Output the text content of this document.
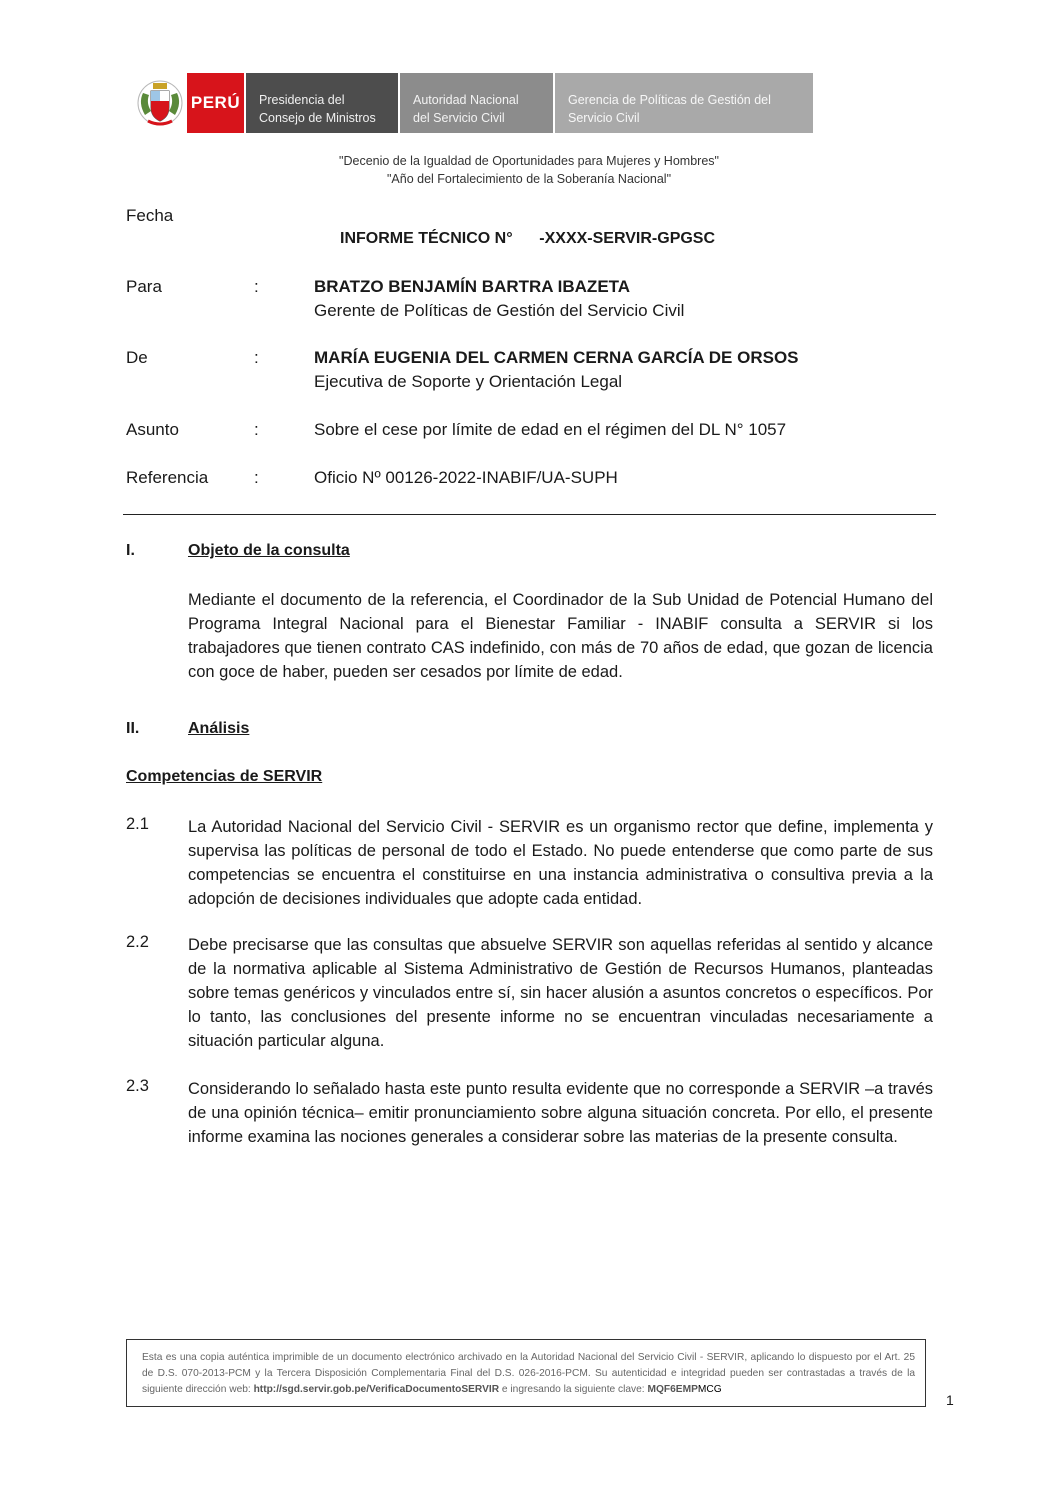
PERÚ	Presidencia del
Consejo de Ministros
Autoridad Nacional
del Servicio Civil
Gerencia de Políticas de Gestión del
Servicio Civil
"Decenio de la Igualdad de Oportunidades para Mujeres y Hombres"
"Año del Fortalecimiento de la Soberanía Nacional"
Fecha
INFORME TÉCNICO N°      -XXXX-SERVIR-GPGSC
Para	:	BRATZO BENJAMÍN BARTRA IBAZETA
Gerente de Políticas de Gestión del Servicio Civil
De	:	MARÍA EUGENIA DEL CARMEN CERNA GARCÍA DE ORSOS
Ejecutiva de Soporte y Orientación Legal
Asunto	:	Sobre el cese por límite de edad en el régimen del DL N° 1057
Referencia	:	Oficio Nº 00126-2022-INABIF/UA-SUPH
I.	Objeto de la consulta
Mediante el documento de la referencia, el Coordinador de la Sub Unidad de Potencial Humano del Programa Integral Nacional para el Bienestar Familiar - INABIF consulta a SERVIR si los trabajadores que tienen contrato CAS indefinido, con más de 70 años de edad, que gozan de licencia con goce de haber, pueden ser cesados por límite de edad.
II.	Análisis
Competencias de SERVIR
2.1 La Autoridad Nacional del Servicio Civil - SERVIR es un organismo rector que define, implementa y supervisa las políticas de personal de todo el Estado. No puede entenderse que como parte de sus competencias se encuentra el constituirse en una instancia administrativa o consultiva previa a la adopción de decisiones individuales que adopte cada entidad.
2.2 Debe precisarse que las consultas que absuelve SERVIR son aquellas referidas al sentido y alcance de la normativa aplicable al Sistema Administrativo de Gestión de Recursos Humanos, planteadas sobre temas genéricos y vinculados entre sí, sin hacer alusión a asuntos concretos o específicos. Por lo tanto, las conclusiones del presente informe no se encuentran vinculadas necesariamente a situación particular alguna.
2.3 Considerando lo señalado hasta este punto resulta evidente que no corresponde a SERVIR –a través de una opinión técnica– emitir pronunciamiento sobre alguna situación concreta. Por ello, el presente informe examina las nociones generales a considerar sobre las materias de la presente consulta.
Esta es una copia auténtica imprimible de un documento electrónico archivado en la Autoridad Nacional del Servicio Civil - SERVIR, aplicando lo dispuesto por el Art. 25 de D.S. 070-2013-PCM y la Tercera Disposición Complementaria Final del D.S. 026-2016-PCM. Su autenticidad e integridad pueden ser contrastadas a través de la siguiente dirección web: http://sgd.servir.gob.pe/VerificaDocumentoSERVIR e ingresando la siguiente clave: MQF6EMPMCG
1
